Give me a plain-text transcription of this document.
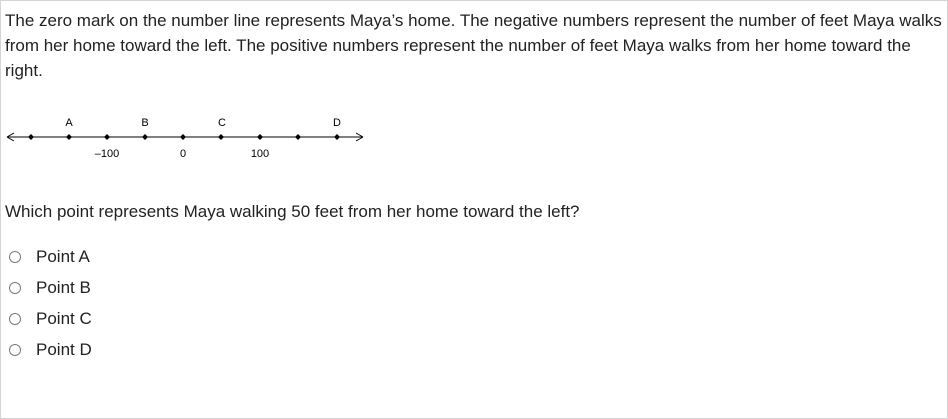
The zero mark on the number line represents Maya’s home. The negative numbers represent the number of feet Maya walks from her home toward the left. The positive numbers represent the number of feet Maya walks from her home toward the right.

A	B	C	D
–100	0	100

Which point represents Maya walking 50 feet from her home toward the left?

Point A
Point B
Point C
Point D
